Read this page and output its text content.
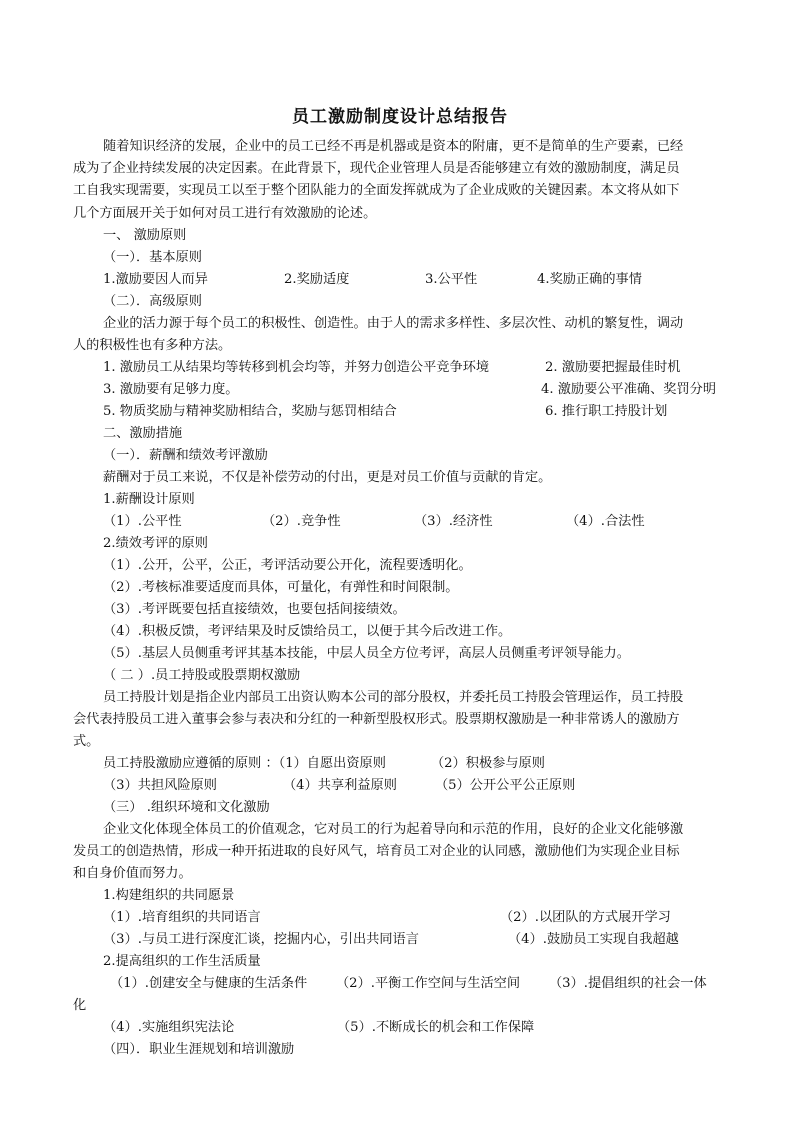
员工激励制度设计总结报告
随着知识经济的发展，企业中的员工已经不再是机器或是资本的附庸，更不是简单的生产要素，已经
成为了企业持续发展的决定因素。在此背景下，现代企业管理人员是否能够建立有效的激励制度，满足员
工自我实现需要，实现员工以至于整个团队能力的全面发挥就成为了企业成败的关键因素。本文将从如下
几个方面展开关于如何对员工进行有效激励的论述。
一、 激励原则
（一）．基本原则
1.激励要因人而异	2.奖励适度	3.公平性	4.奖励正确的事情
（二）．高级原则
企业的活力源于每个员工的积极性、创造性。由于人的需求多样性、多层次性、动机的繁复性，调动
人的积极性也有多种方法。
1. 激励员工从结果均等转移到机会均等，并努力创造公平竞争环境	2. 激励要把握最佳时机
3. 激励要有足够力度。	4. 激励要公平准确、奖罚分明
5. 物质奖励与精神奖励相结合，奖励与惩罚相结合	6. 推行职工持股计划
二、激励措施
（一）．薪酬和绩效考评激励
薪酬对于员工来说，不仅是补偿劳动的付出，更是对员工价值与贡献的肯定。
1.薪酬设计原则
（1）.公平性	（2）.竞争性	（3）.经济性	（4）.合法性
2.绩效考评的原则
（1）.公开，公平，公正，考评活动要公开化，流程要透明化。
（2）.考核标准要适度而具体，可量化，有弹性和时间限制。
（3）.考评既要包括直接绩效，也要包括间接绩效。
（4）.积极反馈，考评结果及时反馈给员工，以便于其今后改进工作。
（5）.基层人员侧重考评其基本技能，中层人员全方位考评，高层人员侧重考评领导能力。
（ 二 ）.员工持股或股票期权激励
员工持股计划是指企业内部员工出资认购本公司的部分股权，并委托员工持股会管理运作，员工持股
会代表持股员工进入董事会参与表决和分红的一种新型股权形式。股票期权激励是一种非常诱人的激励方
式。
员工持股激励应遵循的原则 ：（1）自愿出资原则	（2）积极参与原则
（3）共担风险原则	（4）共享利益原则	（5）公开公平公正原则
（三） .组织环境和文化激励
企业文化体现全体员工的价值观念，它对员工的行为起着导向和示范的作用，良好的企业文化能够激
发员工的创造热情，形成一种开拓进取的良好风气，培育员工对企业的认同感，激励他们为实现企业目标
和自身价值而努力。
1.构建组织的共同愿景
（1）.培育组织的共同语言	（2）.以团队的方式展开学习
（3）.与员工进行深度汇谈，挖掘内心，引出共同语言	（4）.鼓励员工实现自我超越
2.提高组织的工作生活质量
（1）.创建安全与健康的生活条件 （2）.平衡工作空间与生活空间 （3）.提倡组织的社会一体
化
（4）.实施组织宪法论	（5）.不断成长的机会和工作保障
（四）．职业生涯规划和培训激励
